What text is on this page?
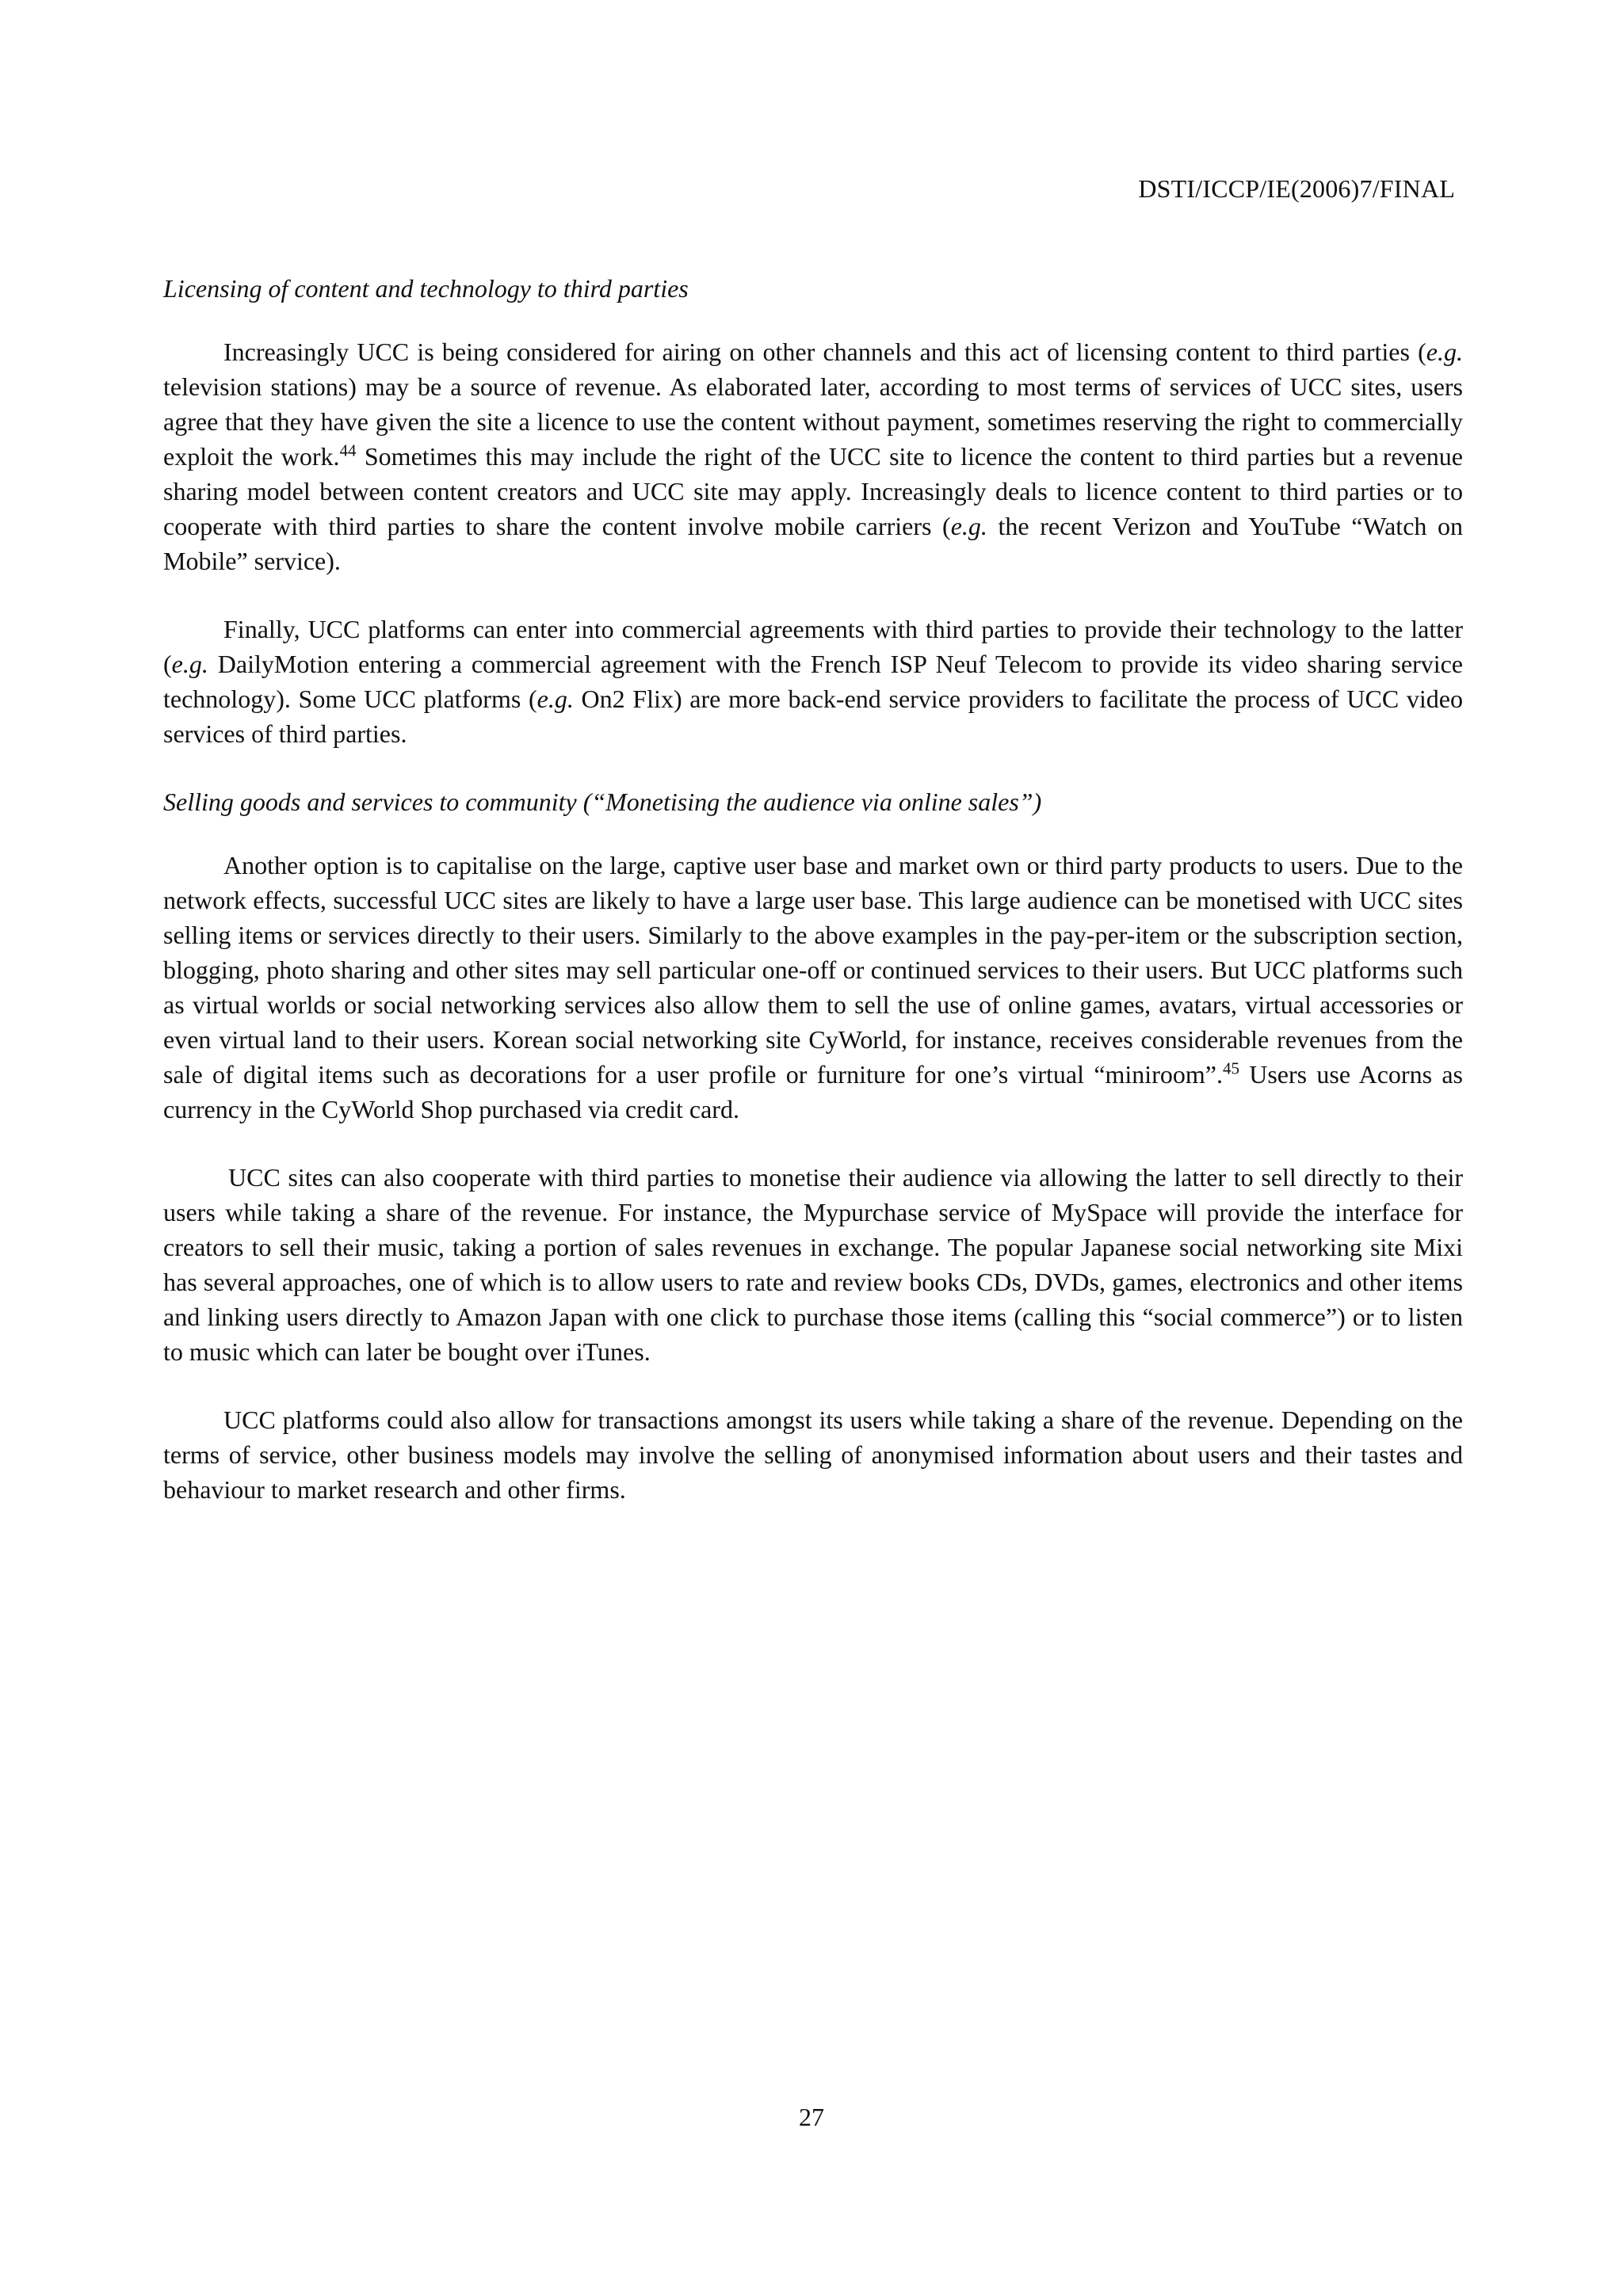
DSTI/ICCP/IE(2006)7/FINAL
Licensing of content and technology to third parties

Increasingly UCC is being considered for airing on other channels and this act of licensing content to third parties (e.g. television stations) may be a source of revenue. As elaborated later, according to most terms of services of UCC sites, users agree that they have given the site a licence to use the content without payment, sometimes reserving the right to commercially exploit the work.$^{44}$ Sometimes this may include the right of the UCC site to licence the content to third parties but a revenue sharing model between content creators and UCC site may apply. Increasingly deals to licence content to third parties or to cooperate with third parties to share the content involve mobile carriers (e.g. the recent Verizon and YouTube “Watch on Mobile” service).

Finally, UCC platforms can enter into commercial agreements with third parties to provide their technology to the latter (e.g. DailyMotion entering a commercial agreement with the French ISP Neuf Telecom to provide its video sharing service technology). Some UCC platforms (e.g. On2 Flix) are more back-end service providers to facilitate the process of UCC video services of third parties.

Selling goods and services to community (“Monetising the audience via online sales”)

Another option is to capitalise on the large, captive user base and market own or third party products to users. Due to the network effects, successful UCC sites are likely to have a large user base. This large audience can be monetised with UCC sites selling items or services directly to their users. Similarly to the above examples in the pay-per-item or the subscription section, blogging, photo sharing and other sites may sell particular one-off or continued services to their users. But UCC platforms such as virtual worlds or social networking services also allow them to sell the use of online games, avatars, virtual accessories or even virtual land to their users. Korean social networking site CyWorld, for instance, receives considerable revenues from the sale of digital items such as decorations for a user profile or furniture for one’s virtual “miniroom”.$^{45}$ Users use Acorns as currency in the CyWorld Shop purchased via credit card.

UCC sites can also cooperate with third parties to monetise their audience via allowing the latter to sell directly to their users while taking a share of the revenue. For instance, the Mypurchase service of MySpace will provide the interface for creators to sell their music, taking a portion of sales revenues in exchange. The popular Japanese social networking site Mixi has several approaches, one of which is to allow users to rate and review books CDs, DVDs, games, electronics and other items and linking users directly to Amazon Japan with one click to purchase those items (calling this “social commerce”) or to listen to music which can later be bought over iTunes.

UCC platforms could also allow for transactions amongst its users while taking a share of the revenue. Depending on the terms of service, other business models may involve the selling of anonymised information about users and their tastes and behaviour to market research and other firms.

27
